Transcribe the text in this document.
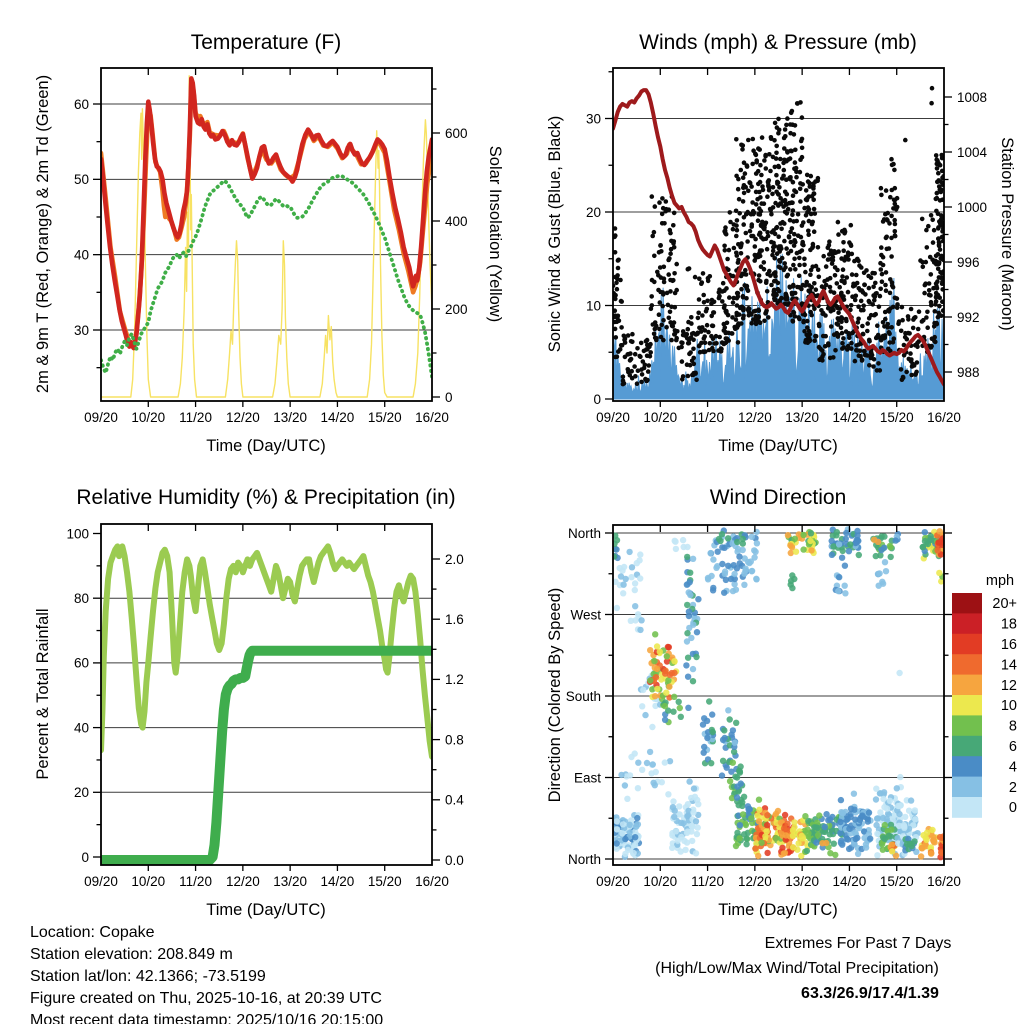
Temperature (F)	Winds (mph) & Pressure (mb)
Relative Humidity (%) & Precipitation (in)	Wind Direction
2m & 9m T (Red, Orange) & 2m Td (Green)	Solar Insolation (Yellow)	Sonic Wind & Gust (Blue, Black)	Station Pressure (Maroon)
Percent & Total Rainfall	Direction (Colored By Speed)
Time (Day/UTC)	Time (Day/UTC)
Time (Day/UTC)	Time (Day/UTC)
mph
09/20 10/20 11/20 12/20 13/20 14/20 15/20 16/20
30
40
50
60
0
200
400
600
09/20 10/20 11/20 12/20 13/20 14/20 15/20 16/20
0
10
20
30
988
992
996
1000
1004
1008
09/20 10/20 11/20 12/20 13/20 14/20 15/20 16/20
0
20
40
60
80
100
0.0
0.4
0.8
1.2
1.6
2.0
09/20 10/20 11/20 12/20 13/20 14/20 15/20 16/20
North
West
South
East
North
20+
18
16
14
12
10
8
6
4
2
0
Location: Copake
Station elevation: 208.849 m
Station lat/lon: 42.1366; -73.5199
Figure created on Thu, 2025-10-16, at 20:39 UTC
Most recent data timestamp: 2025/10/16 20:15:00
Extremes For Past 7 Days
(High/Low/Max Wind/Total Precipitation)
63.3/26.9/17.4/1.39
